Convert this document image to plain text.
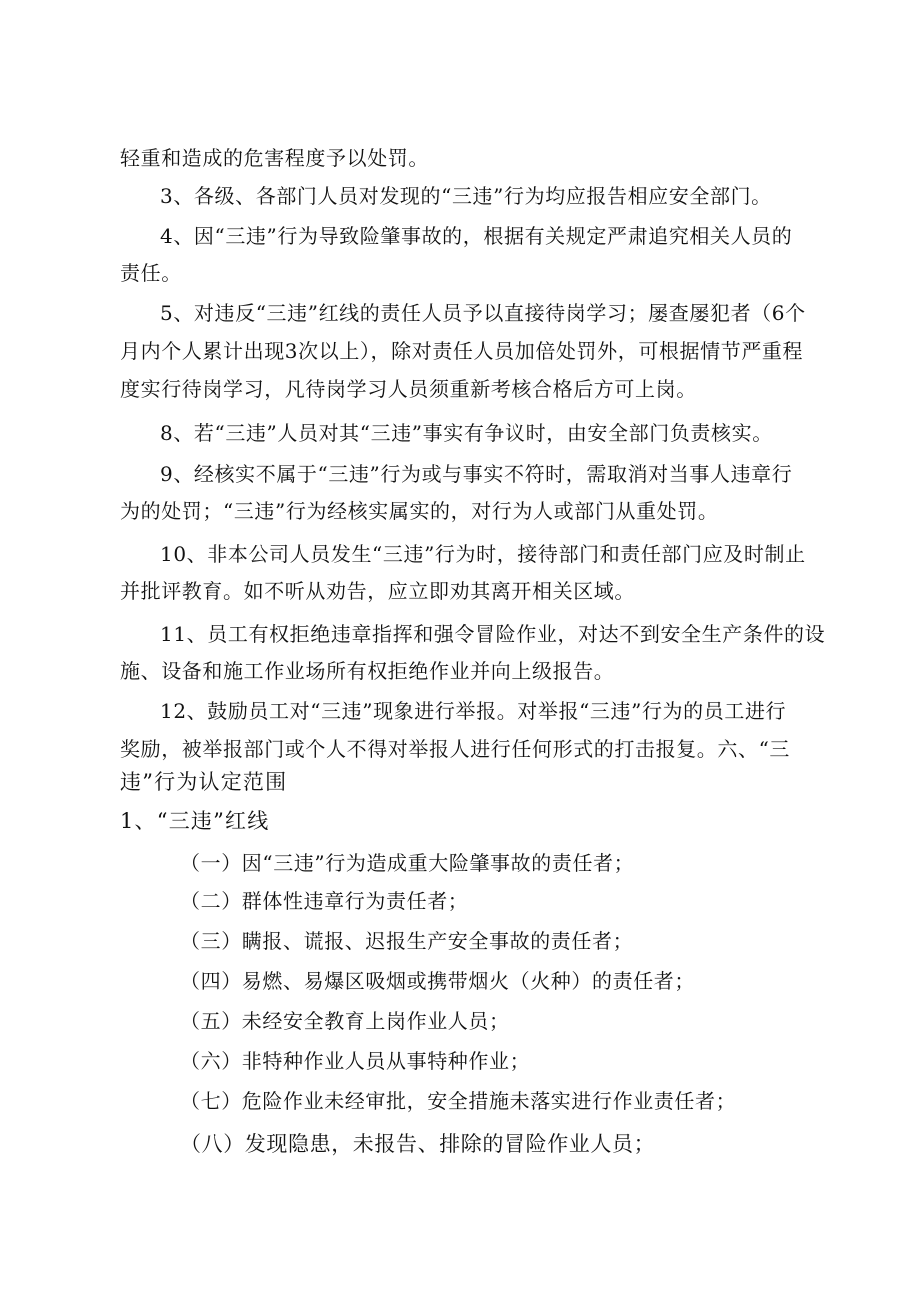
轻重和造成的危害程度予以处罚。
3、各级、各部门人员对发现的“三违”行为均应报告相应安全部门。
4、因“三违”行为导致险肇事故的，根据有关规定严肃追究相关人员的
责任。
5、对违反“三违”红线的责任人员予以直接待岗学习；屡查屡犯者（6个
月内个人累计出现3次以上），除对责任人员加倍处罚外，可根据情节严重程
度实行待岗学习，凡待岗学习人员须重新考核合格后方可上岗。
8、若“三违”人员对其“三违”事实有争议时，由安全部门负责核实。
9、经核实不属于“三违”行为或与事实不符时，需取消对当事人违章行
为的处罚；“三违”行为经核实属实的，对行为人或部门从重处罚。
10、非本公司人员发生“三违”行为时，接待部门和责任部门应及时制止
并批评教育。如不听从劝告，应立即劝其离开相关区域。
11、员工有权拒绝违章指挥和强令冒险作业，对达不到安全生产条件的设
施、设备和施工作业场所有权拒绝作业并向上级报告。
12、鼓励员工对“三违”现象进行举报。对举报“三违”行为的员工进行
奖励，被举报部门或个人不得对举报人进行任何形式的打击报复。六、“三
违”行为认定范围
1、“三违”红线
（一）因“三违”行为造成重大险肇事故的责任者；
（二）群体性违章行为责任者；
（三）瞒报、谎报、迟报生产安全事故的责任者；
（四）易燃、易爆区吸烟或携带烟火（火种）的责任者；
（五）未经安全教育上岗作业人员；
（六）非特种作业人员从事特种作业；
（七）危险作业未经审批，安全措施未落实进行作业责任者；
（八）发现隐患，未报告、排除的冒险作业人员；
